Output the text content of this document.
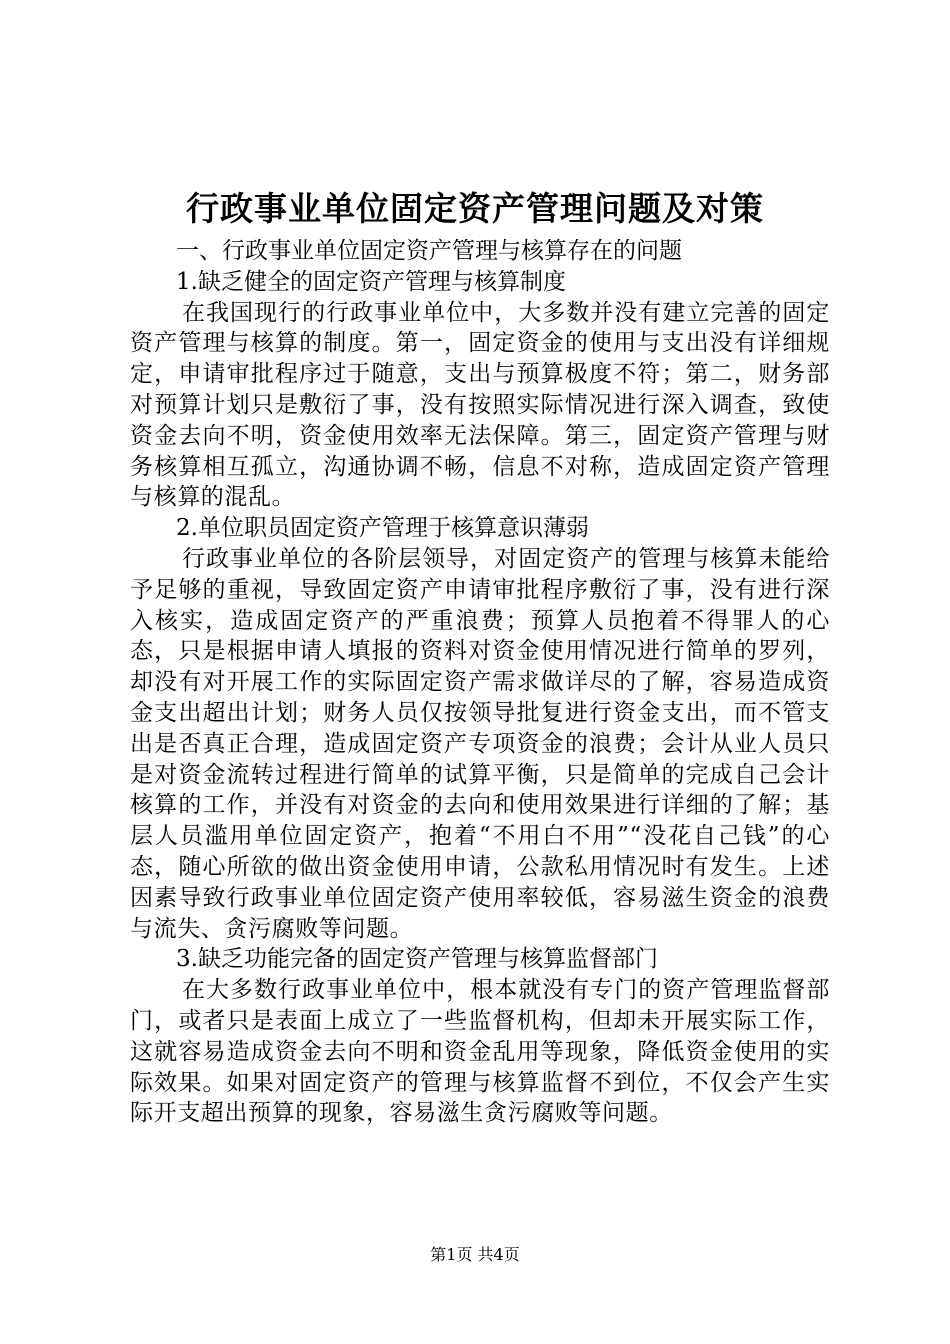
行政事业单位固定资产管理问题及对策

一、行政事业单位固定资产管理与核算存在的问题

1.缺乏健全的固定资产管理与核算制度

在我国现行的行政事业单位中，大多数并没有建立完善的固定资产管理与核算的制度。第一，固定资金的使用与支出没有详细规定，申请审批程序过于随意，支出与预算极度不符；第二，财务部对预算计划只是敷衍了事，没有按照实际情况进行深入调查，致使资金去向不明，资金使用效率无法保障。第三，固定资产管理与财务核算相互孤立，沟通协调不畅，信息不对称，造成固定资产管理与核算的混乱。

2.单位职员固定资产管理于核算意识薄弱

行政事业单位的各阶层领导，对固定资产的管理与核算未能给予足够的重视，导致固定资产申请审批程序敷衍了事，没有进行深入核实，造成固定资产的严重浪费；预算人员抱着不得罪人的心态，只是根据申请人填报的资料对资金使用情况进行简单的罗列，却没有对开展工作的实际固定资产需求做详尽的了解，容易造成资金支出超出计划；财务人员仅按领导批复进行资金支出，而不管支出是否真正合理，造成固定资产专项资金的浪费；会计从业人员只是对资金流转过程进行简单的试算平衡，只是简单的完成自己会计核算的工作，并没有对资金的去向和使用效果进行详细的了解；基层人员滥用单位固定资产，抱着“不用白不用”“没花自己钱”的心态，随心所欲的做出资金使用申请，公款私用情况时有发生。上述因素导致行政事业单位固定资产使用率较低，容易滋生资金的浪费与流失、贪污腐败等问题。

3.缺乏功能完备的固定资产管理与核算监督部门

在大多数行政事业单位中，根本就没有专门的资产管理监督部门，或者只是表面上成立了一些监督机构，但却未开展实际工作，这就容易造成资金去向不明和资金乱用等现象，降低资金使用的实际效果。如果对固定资产的管理与核算监督不到位，不仅会产生实际开支超出预算的现象，容易滋生贪污腐败等问题。

第1页 共4页
